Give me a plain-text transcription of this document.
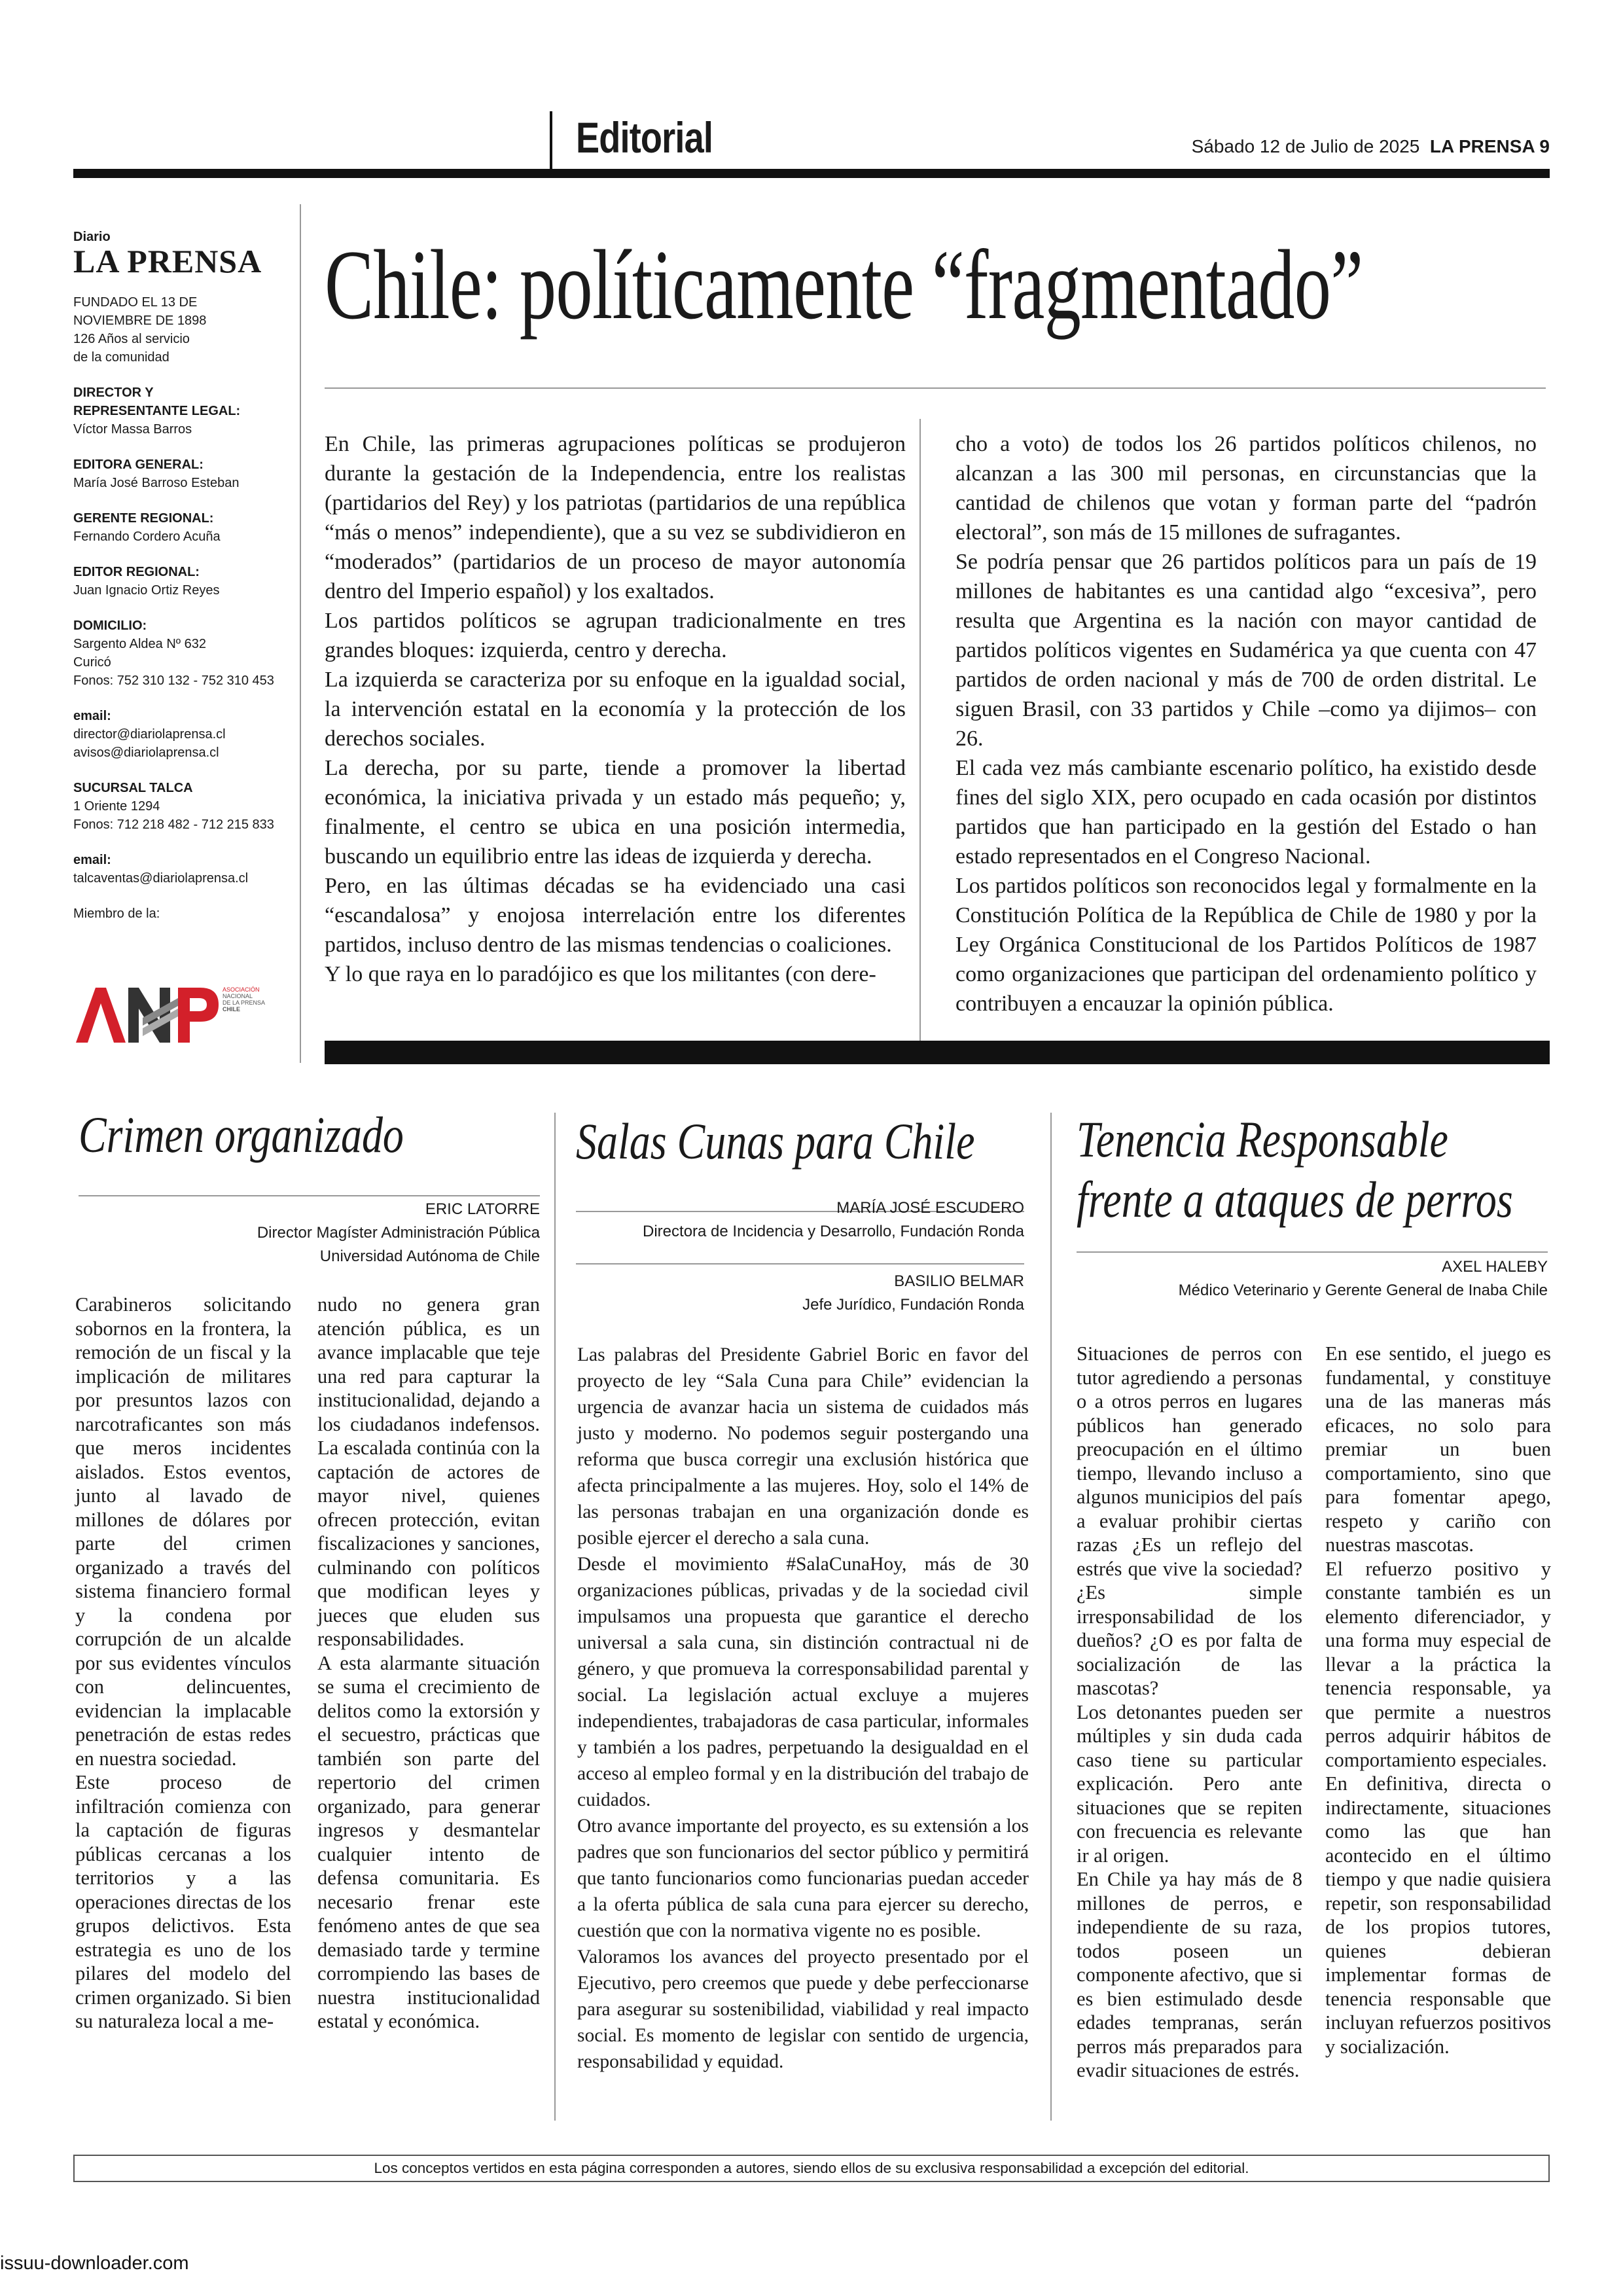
Editorial	Sábado 12 de Julio de 2025 LA PRENSA 9
Diario
LA PRENSA
FUNDADO EL 13 DE
NOVIEMBRE DE 1898
126 Años al servicio
de la comunidad
DIRECTOR Y
REPRESENTANTE LEGAL:
Víctor Massa Barros
EDITORA GENERAL:
María José Barroso Esteban
GERENTE REGIONAL:
Fernando Cordero Acuña
EDITOR REGIONAL:
Juan Ignacio Ortiz Reyes
DOMICILIO:
Sargento Aldea Nº 632
Curicó
Fonos: 752 310 132 - 752 310 453
email:
director@diariolaprensa.cl
avisos@diariolaprensa.cl
SUCURSAL TALCA
1 Oriente 1294
Fonos: 712 218 482 - 712 215 833
email:
talcaventas@diariolaprensa.cl
Miembro de la:
ASOCIACIÓN
NACIONAL
DE LA PRENSA
CHILE
Chile: políticamente “fragmentado”

En Chile, las primeras agrupaciones políticas se produjeron durante la gestación de la Independencia, entre los realistas (partidarios del Rey) y los patriotas (partidarios de una república “más o menos” independiente), que a su vez se subdividieron en “moderados” (partidarios de un proceso de mayor autonomía dentro del Imperio español) y los exaltados.

Los partidos políticos se agrupan tradicionalmente en tres grandes bloques: izquierda, centro y derecha.

La izquierda se caracteriza por su enfoque en la igualdad social, la intervención estatal en la economía y la protección de los derechos sociales.

La derecha, por su parte, tiende a promover la libertad económica, la iniciativa privada y un estado más pequeño; y, finalmente, el centro se ubica en una posición intermedia, buscando un equilibrio entre las ideas de izquierda y derecha.

Pero, en las últimas décadas se ha evidenciado una casi “escandalosa” y enojosa interrelación entre los diferentes partidos, incluso dentro de las mismas tendencias o coaliciones.

Y lo que raya en lo paradójico es que los militantes (con dere-

cho a voto) de todos los 26 partidos políticos chilenos, no alcanzan a las 300 mil personas, en circunstancias que la cantidad de chilenos que votan y forman parte del “padrón electoral”, son más de 15 millones de sufragantes.

Se podría pensar que 26 partidos políticos para un país de 19 millones de habitantes es una cantidad algo “excesiva”, pero resulta que Argentina es la nación con mayor cantidad de partidos políticos vigentes en Sudamérica ya que cuenta con 47 partidos de orden nacional y más de 700 de orden distrital. Le siguen Brasil, con 33 partidos y Chile –como ya dijimos– con 26.

El cada vez más cambiante escenario político, ha existido desde fines del siglo XIX, pero ocupado en cada ocasión por distintos partidos que han participado en la gestión del Estado o han estado representados en el Congreso Nacional.

Los partidos políticos son reconocidos legal y formalmente en la Constitución Política de la República de Chile de 1980 y por la Ley Orgánica Constitucional de los Partidos Políticos de 1987 como organizaciones que participan del ordenamiento político y contribuyen a encauzar la opinión pública.

Crimen organizado
ERIC LATORRE
Director Magíster Administración Pública
Universidad Autónoma de Chile

Carabineros solicitando sobornos en la frontera, la remoción de un fiscal y la implicación de militares por presuntos lazos con narcotraficantes son más que meros incidentes aislados. Estos eventos, junto al lavado de millones de dólares por parte del crimen organizado a través del sistema financiero formal y la condena por corrupción de un alcalde por sus evidentes vínculos con delincuentes, evidencian la implacable penetración de estas redes en nuestra sociedad.

Este proceso de infiltración comienza con la captación de figuras públicas cercanas a los territorios y a las operaciones directas de los grupos delictivos. Esta estrategia es uno de los pilares del modelo del crimen organizado. Si bien su naturaleza local a me-

nudo no genera gran atención pública, es un avance implacable que teje una red para capturar la institucionalidad, dejando a los ciudadanos indefensos. La escalada continúa con la captación de actores de mayor nivel, quienes ofrecen protección, evitan fiscalizaciones y sanciones, culminando con políticos que modifican leyes y jueces que eluden sus responsabilidades.

A esta alarmante situación se suma el crecimiento de delitos como la extorsión y el secuestro, prácticas que también son parte del repertorio del crimen organizado, para generar ingresos y desmantelar cualquier intento de defensa comunitaria. Es necesario frenar este fenómeno antes de que sea demasiado tarde y termine corrompiendo las bases de nuestra institucionalidad estatal y económica.

Salas Cunas para Chile
MARÍA JOSÉ ESCUDERO
Directora de Incidencia y Desarrollo, Fundación Ronda
BASILIO BELMAR
Jefe Jurídico, Fundación Ronda

Las palabras del Presidente Gabriel Boric en favor del proyecto de ley “Sala Cuna para Chile” evidencian la urgencia de avanzar hacia un sistema de cuidados más justo y moderno. No podemos seguir postergando una reforma que busca corregir una exclusión histórica que afecta principalmente a las mujeres. Hoy, solo el 14% de las personas trabajan en una organización donde es posible ejercer el derecho a sala cuna.

Desde el movimiento #SalaCunaHoy, más de 30 organizaciones públicas, privadas y de la sociedad civil impulsamos una propuesta que garantice el derecho universal a sala cuna, sin distinción contractual ni de género, y que promueva la corresponsabilidad parental y social. La legislación actual excluye a mujeres independientes, trabajadoras de casa particular, informales y también a los padres, perpetuando la desigualdad en el acceso al empleo formal y en la distribución del trabajo de cuidados.

Otro avance importante del proyecto, es su extensión a los padres que son funcionarios del sector público y permitirá que tanto funcionarios como funcionarias puedan acceder a la oferta pública de sala cuna para ejercer su derecho, cuestión que con la normativa vigente no es posible.

Valoramos los avances del proyecto presentado por el Ejecutivo, pero creemos que puede y debe perfeccionarse para asegurar su sostenibilidad, viabilidad y real impacto social. Es momento de legislar con sentido de urgencia, responsabilidad y equidad.

Tenencia Responsable
frente a ataques de perros
AXEL HALEBY
Médico Veterinario y Gerente General de Inaba Chile

Situaciones de perros con tutor agrediendo a personas o a otros perros en lugares públicos han generado preocupación en el último tiempo, llevando incluso a algunos municipios del país a evaluar prohibir ciertas razas ¿Es un reflejo del estrés que vive la sociedad? ¿Es simple irresponsabilidad de los dueños? ¿O es por falta de socialización de las mascotas?

Los detonantes pueden ser múltiples y sin duda cada caso tiene su particular explicación. Pero ante situaciones que se repiten con frecuencia es relevante ir al origen.

En Chile ya hay más de 8 millones de perros, e independiente de su raza, todos poseen un componente afectivo, que si es bien estimulado desde edades tempranas, serán perros más preparados para evadir situaciones de estrés.

En ese sentido, el juego es fundamental, y constituye una de las maneras más eficaces, no solo para premiar un buen comportamiento, sino que para fomentar apego, respeto y cariño con nuestras mascotas.

El refuerzo positivo y constante también es un elemento diferenciador, y una forma muy especial de llevar a la práctica la tenencia responsable, ya que permite a nuestros perros adquirir hábitos de comportamiento especiales.

En definitiva, directa o indirectamente, situaciones como las que han acontecido en el último tiempo y que nadie quisiera repetir, son responsabilidad de los propios tutores, quienes debieran implementar formas de tenencia responsable que incluyan refuerzos positivos y socialización.

Los conceptos vertidos en esta página corresponden a autores, siendo ellos de su exclusiva responsabilidad a excepción del editorial.
issuu-downloader.com
